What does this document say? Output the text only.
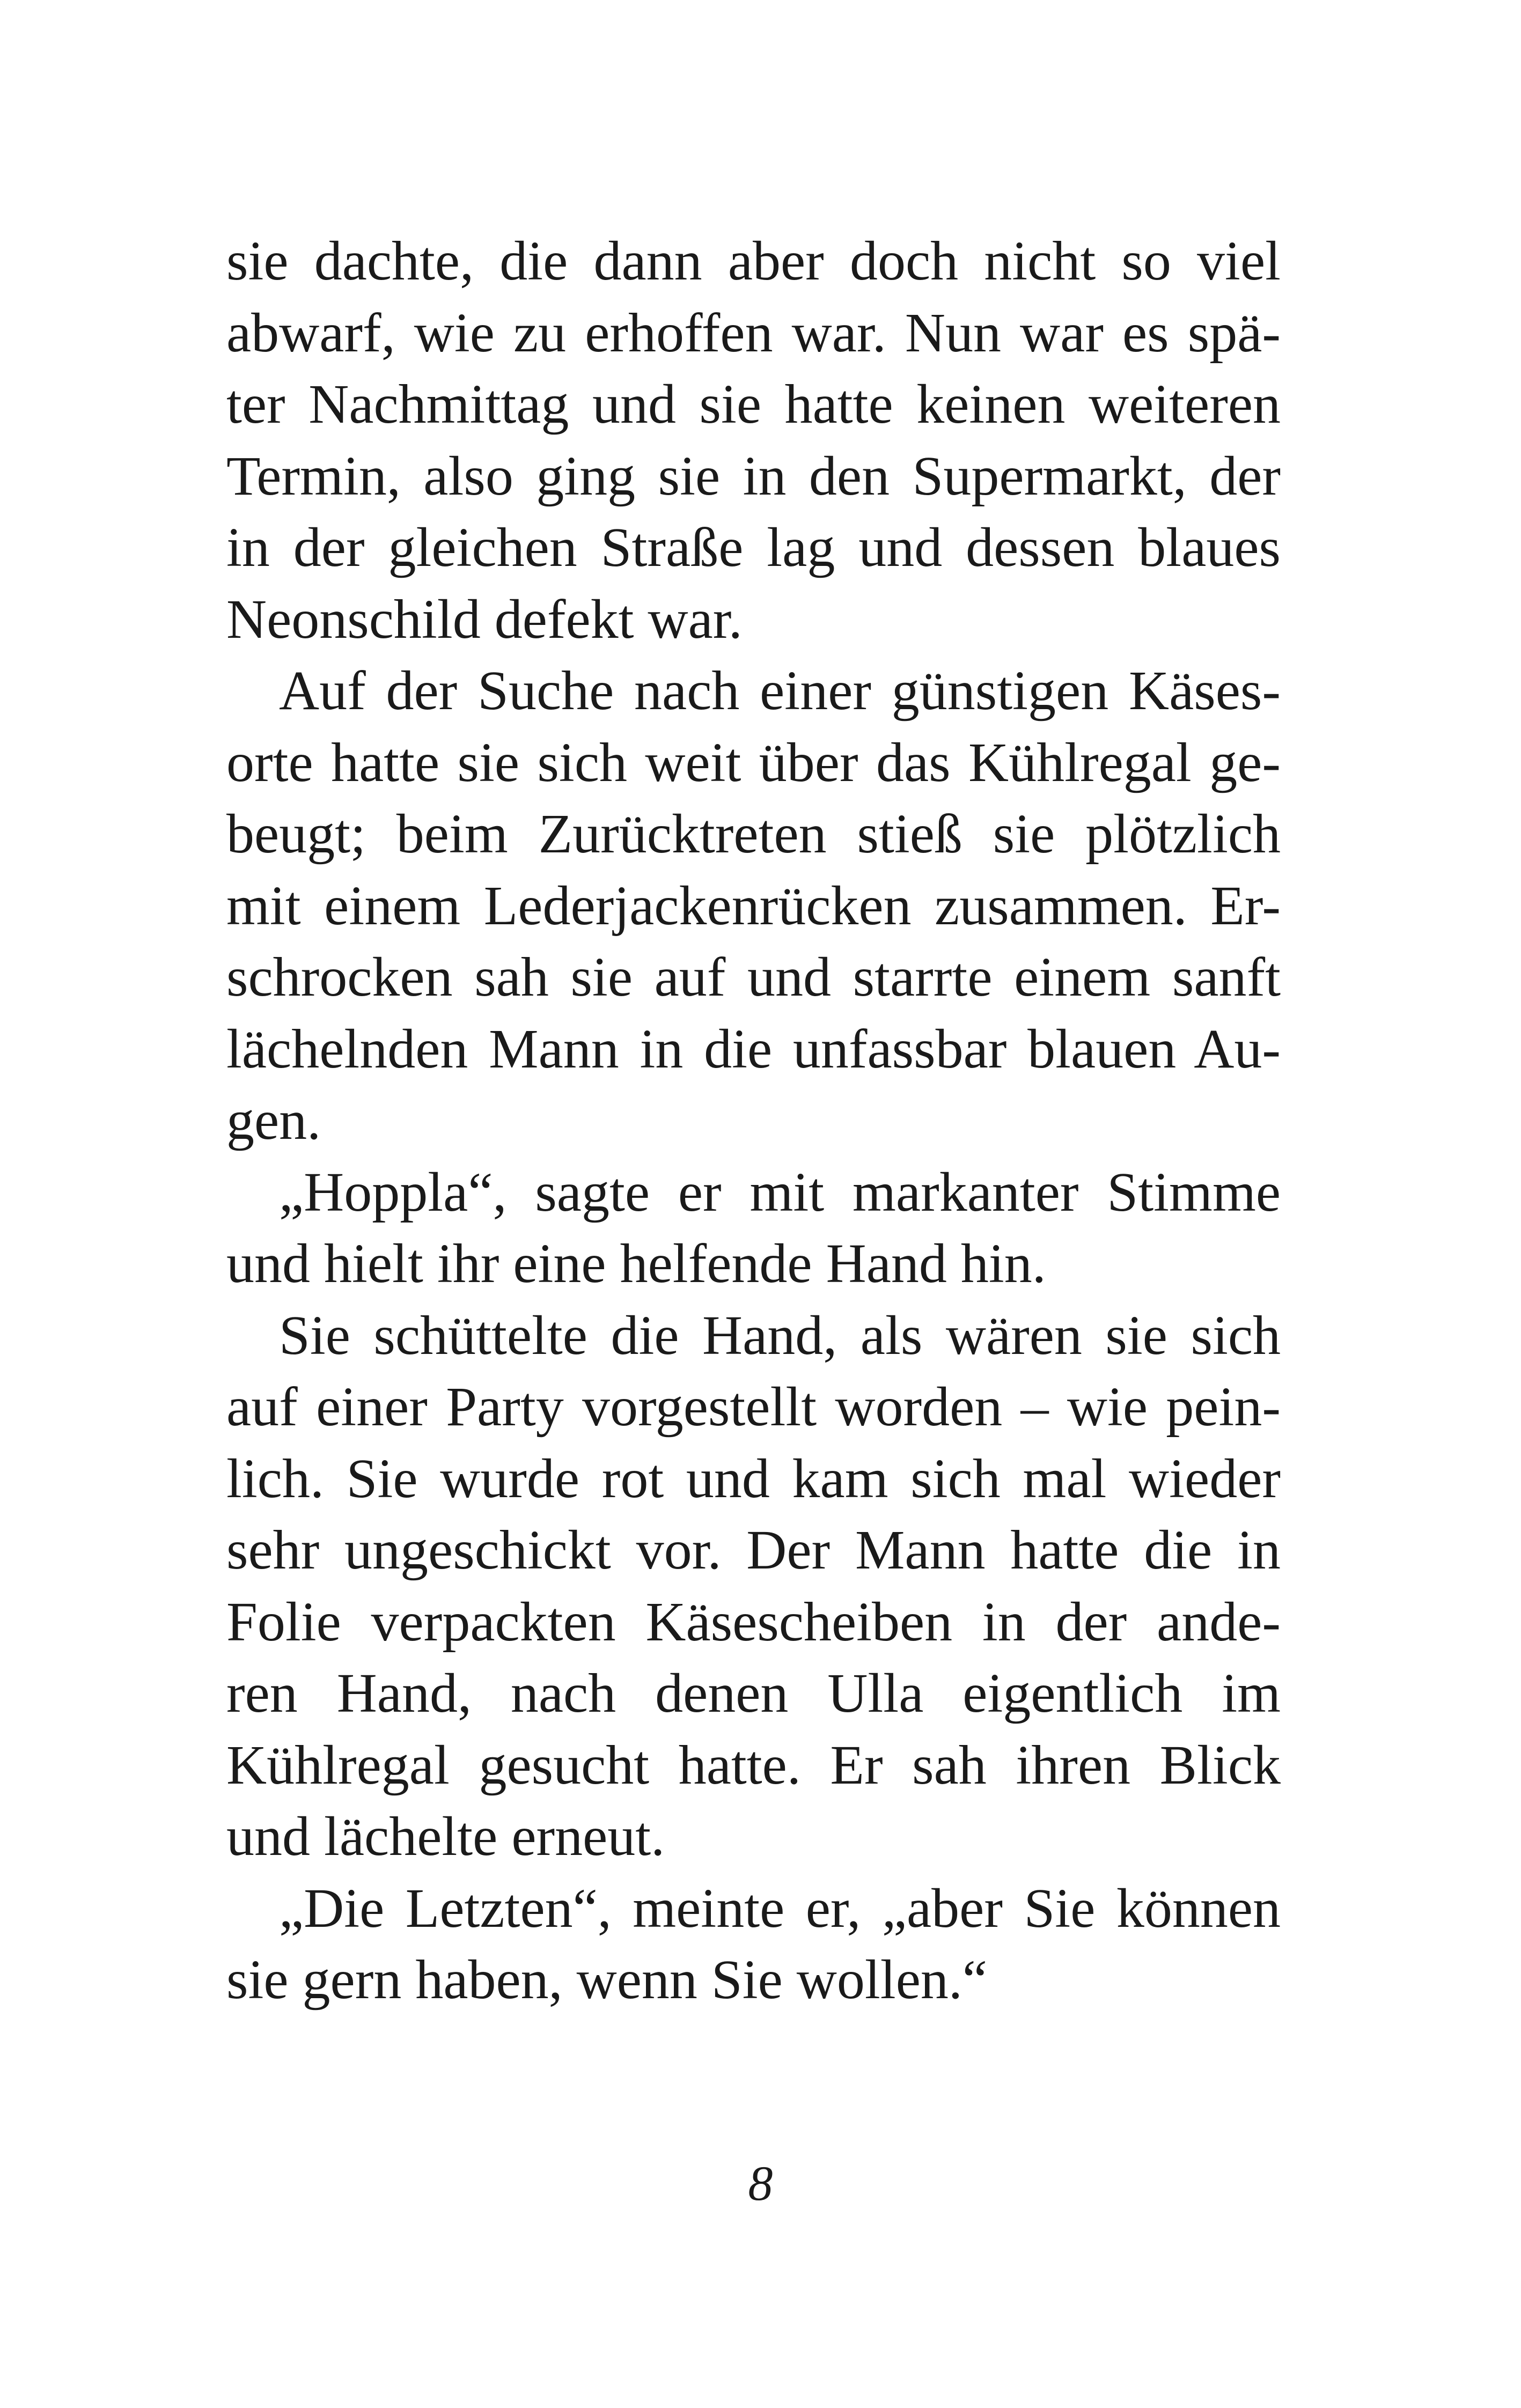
sie dachte, die dann aber doch nicht so viel
abwarf, wie zu erhoffen war. Nun war es spä-
ter Nachmittag und sie hatte keinen weiteren
Termin, also ging sie in den Supermarkt, der
in der gleichen Straße lag und dessen blaues
Neonschild defekt war.
Auf der Suche nach einer günstigen Käses-
orte hatte sie sich weit über das Kühlregal ge-
beugt; beim Zurücktreten stieß sie plötzlich
mit einem Lederjackenrücken zusammen. Er-
schrocken sah sie auf und starrte einem sanft
lächelnden Mann in die unfassbar blauen Au-
gen.
„Hoppla“, sagte er mit markanter Stimme
und hielt ihr eine helfende Hand hin.
Sie schüttelte die Hand, als wären sie sich
auf einer Party vorgestellt worden – wie pein-
lich. Sie wurde rot und kam sich mal wieder
sehr ungeschickt vor. Der Mann hatte die in
Folie verpackten Käsescheiben in der ande-
ren Hand, nach denen Ulla eigentlich im
Kühlregal gesucht hatte. Er sah ihren Blick
und lächelte erneut.
„Die Letzten“, meinte er, „aber Sie können
sie gern haben, wenn Sie wollen.“
8
